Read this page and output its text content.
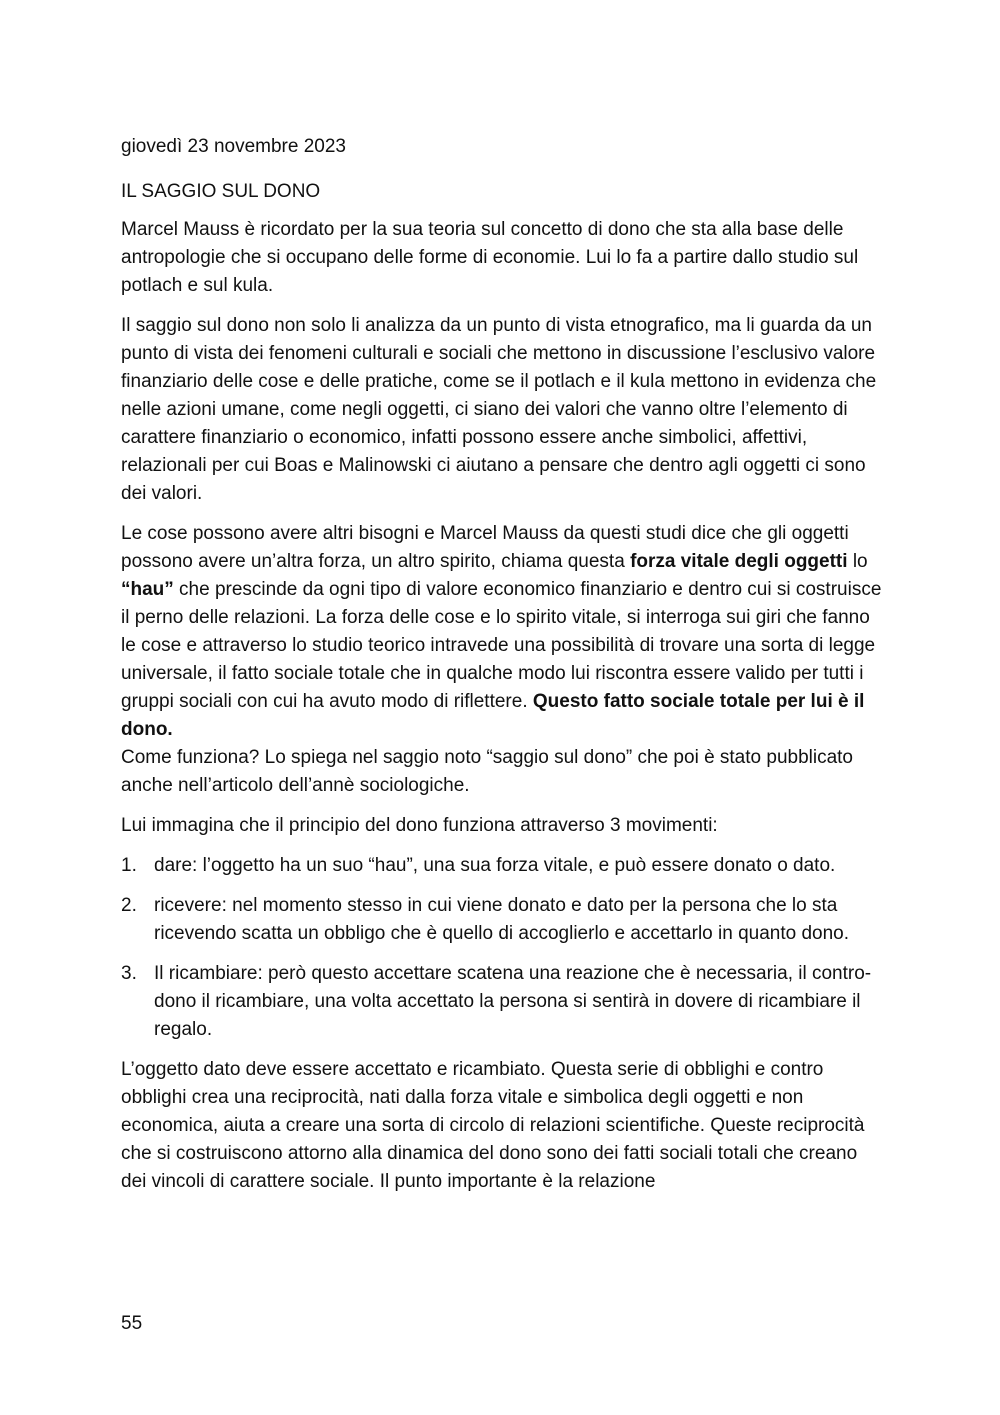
giovedì 23 novembre 2023
IL SAGGIO SUL DONO

Marcel Mauss è ricordato per la sua teoria sul concetto di dono che sta alla base delle antropologie che si occupano delle forme di economie. Lui lo fa a partire dallo studio sul potlach e sul kula.

Il saggio sul dono non solo li analizza da un punto di vista etnografico, ma li guarda da un punto di vista dei fenomeni culturali e sociali che mettono in discussione l’esclusivo valore finanziario delle cose e delle pratiche, come se il potlach e il kula mettono in evidenza che nelle azioni umane, come negli oggetti, ci siano dei valori che vanno oltre l’elemento di carattere finanziario o economico, infatti possono essere anche simbolici, affettivi, relazionali per cui Boas e Malinowski ci aiutano a pensare che dentro agli oggetti ci sono dei valori.

Le cose possono avere altri bisogni e Marcel Mauss da questi studi dice che gli oggetti possono avere un’altra forza, un altro spirito, chiama questa forza vitale degli oggetti lo “hau” che prescinde da ogni tipo di valore economico finanziario e dentro cui si costruisce il perno delle relazioni. La forza delle cose e lo spirito vitale, si interroga sui giri che fanno le cose e attraverso lo studio teorico intravede una possibilità di trovare una sorta di legge universale, il fatto sociale totale che in qualche modo lui riscontra essere valido per tutti i gruppi sociali con cui ha avuto modo di riflettere. Questo fatto sociale totale per lui è il dono.
Come funziona? Lo spiega nel saggio noto “saggio sul dono” che poi è stato pubblicato anche nell’articolo dell’annè sociologiche.

Lui immagina che il principio del dono funziona attraverso 3 movimenti:

1. dare: l’oggetto ha un suo “hau”, una sua forza vitale, e può essere donato o dato.
2. ricevere: nel momento stesso in cui viene donato e dato per la persona che lo sta ricevendo scatta un obbligo che è quello di accoglierlo e accettarlo in quanto dono.
3. Il ricambiare: però questo accettare scatena una reazione che è necessaria, il contro-dono il ricambiare, una volta accettato la persona si sentirà in dovere di ricambiare il regalo.

L’oggetto dato deve essere accettato e ricambiato. Questa serie di obblighi e contro obblighi crea una reciprocità, nati dalla forza vitale e simbolica degli oggetti e non economica, aiuta a creare una sorta di circolo di relazioni scientifiche. Queste reciprocità che si costruiscono attorno alla dinamica del dono sono dei fatti sociali totali che creano dei vincoli di carattere sociale. Il punto importante è la relazione

55
